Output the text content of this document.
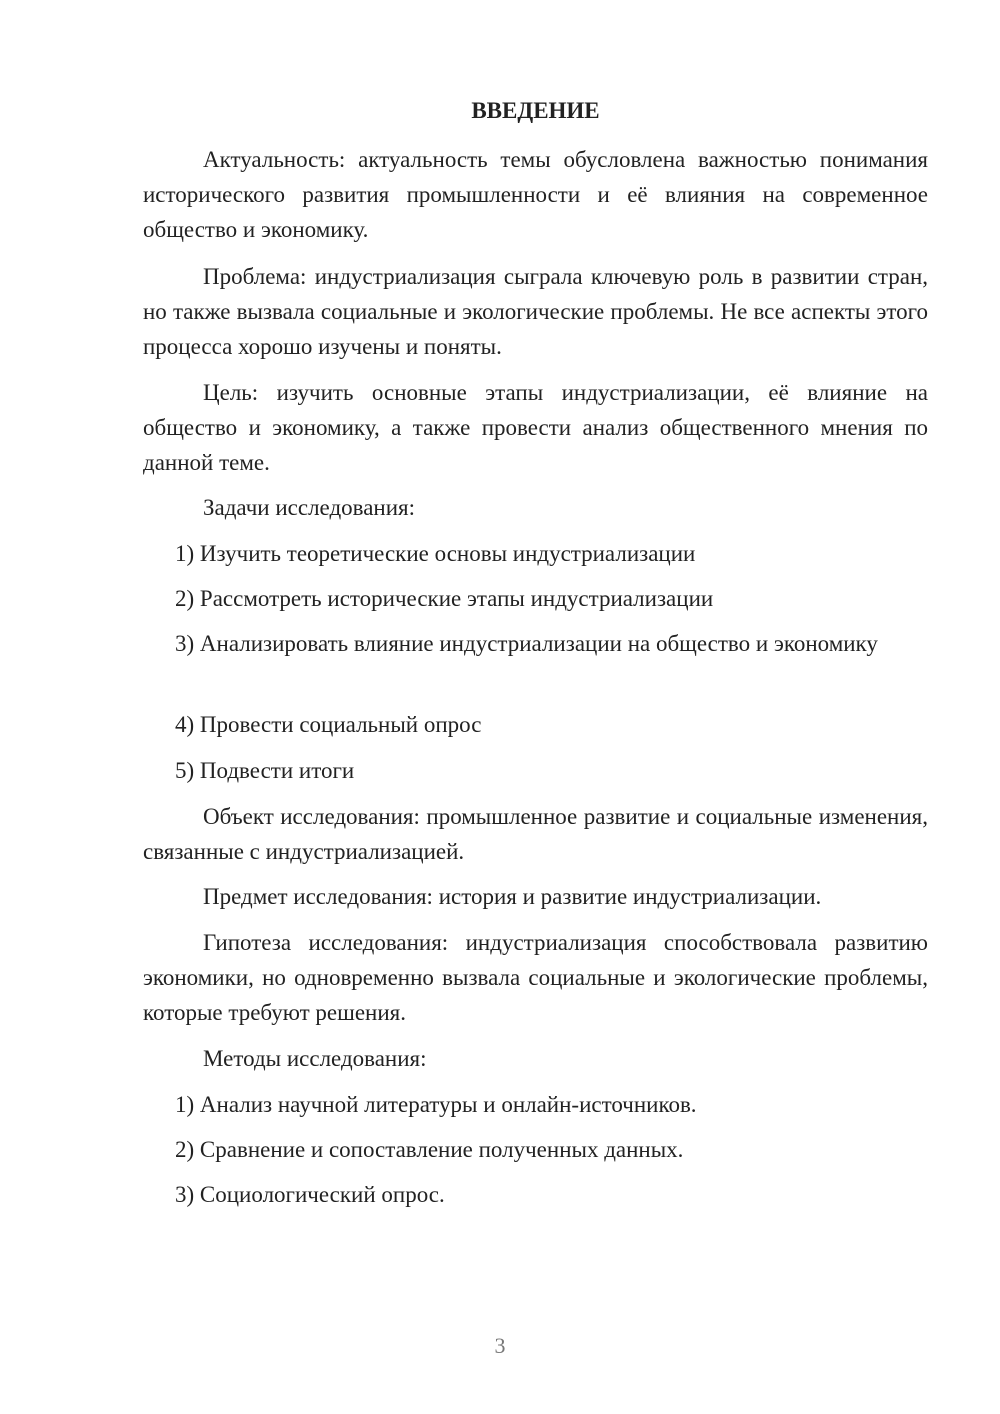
ВВЕДЕНИЕ

Актуальность: актуальность темы обусловлена важностью понимания исторического развития промышленности и её влияния на современное общество и экономику.

Проблема: индустриализация сыграла ключевую роль в развитии стран, но также вызвала социальные и экологические проблемы. Не все аспекты этого процесса хорошо изучены и поняты.

Цель: изучить основные этапы индустриализации, её влияние на общество и экономику, а также провести анализ общественного мнения по данной теме.

Задачи исследования:

1) Изучить теоретические основы индустриализации

2) Рассмотреть исторические этапы индустриализации

3) Анализировать влияние индустриализации на общество и экономику

4) Провести социальный опрос

5) Подвести итоги

Объект исследования: промышленное развитие и социальные изменения, связанные с индустриализацией.

Предмет исследования: история и развитие индустриализации.

Гипотеза исследования: индустриализация способствовала развитию экономики, но одновременно вызвала социальные и экологические проблемы, которые требуют решения.

Методы исследования:

1) Анализ научной литературы и онлайн-источников.

2) Сравнение и сопоставление полученных данных.

3) Социологический опрос.

3
